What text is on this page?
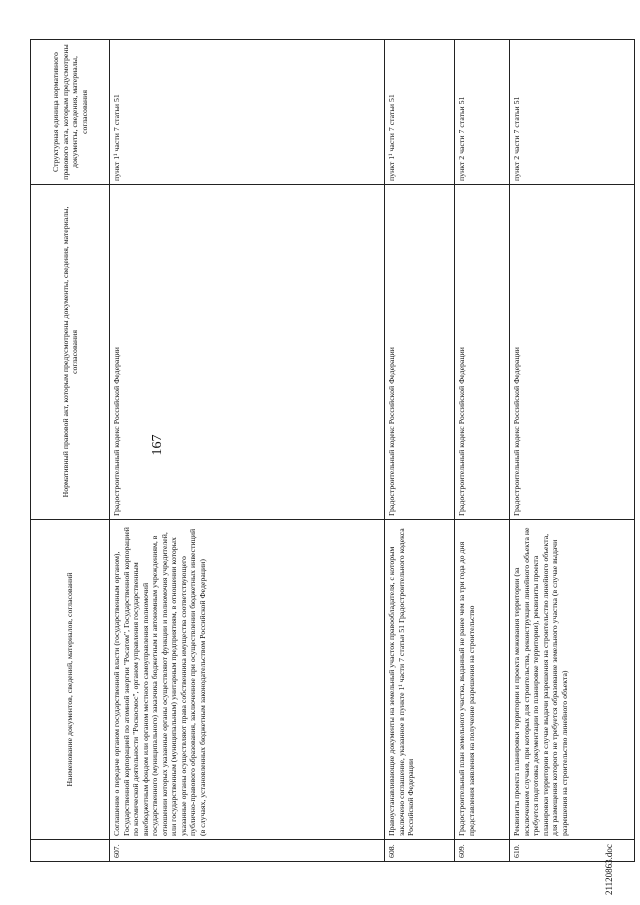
167
	Наименование документов, сведений, материалов, согласований	Нормативный правовой акт, которым предусмотрены документы, сведения, материалы, согласования	Структурная единица нормативного правового акта, которым предусмотрены документы, сведения, материалы, согласования
607.	Соглашение о передаче органом государственной власти (государственным органом), Государственной корпорацией по атомной энергии "Росатом", Государственной корпорацией по космической деятельности "Роскосмос", органом управления государственным внебюджетным фондом или органом местного самоуправления полномочий государственного (муниципального) заказчика бюджетным и автономным учреждениям, в отношении которых указанные органы осуществляют функции и полномочия учредителей, или государственным (муниципальным) унитарным предприятиям, в отношении которых указанные органы осуществляют права собственника имущества соответствующего публично-правового образования, заключенное при осуществлении бюджетных инвестиций (в случаях, установленных бюджетным законодательством Российской Федерации)	Градостроительный кодекс Российской Федерации	пункт 1¹ части 7 статьи 51
608.	Правоустанавливающие документы на земельный участок правообладателя, с которым заключено соглашение, указанное в пункте 1¹ части 7 статьи 51 Градостроительного кодекса Российской Федерации	Градостроительный кодекс Российской Федерации	пункт 1¹ части 7 статьи 51
609.	Градостроительный план земельного участка, выданный не ранее чем за три года до дня представления заявления на получение разрешения на строительство	Градостроительный кодекс Российской Федерации	пункт 2 части 7 статьи 51
610.	Реквизиты проекта планировки территории и проекта межевания территории (за исключением случаев, при которых для строительства, реконструкции линейного объекта не требуется подготовка документации по планировке территории), реквизиты проекта планировки территории в случае выдачи разрешения на строительство линейного объекта, для размещения которого не требуется образование земельного участка (в случае выдачи разрешения на строительство линейного объекта)	Градостроительный кодекс Российской Федерации	пункт 2 части 7 статьи 51
21120863.doc
